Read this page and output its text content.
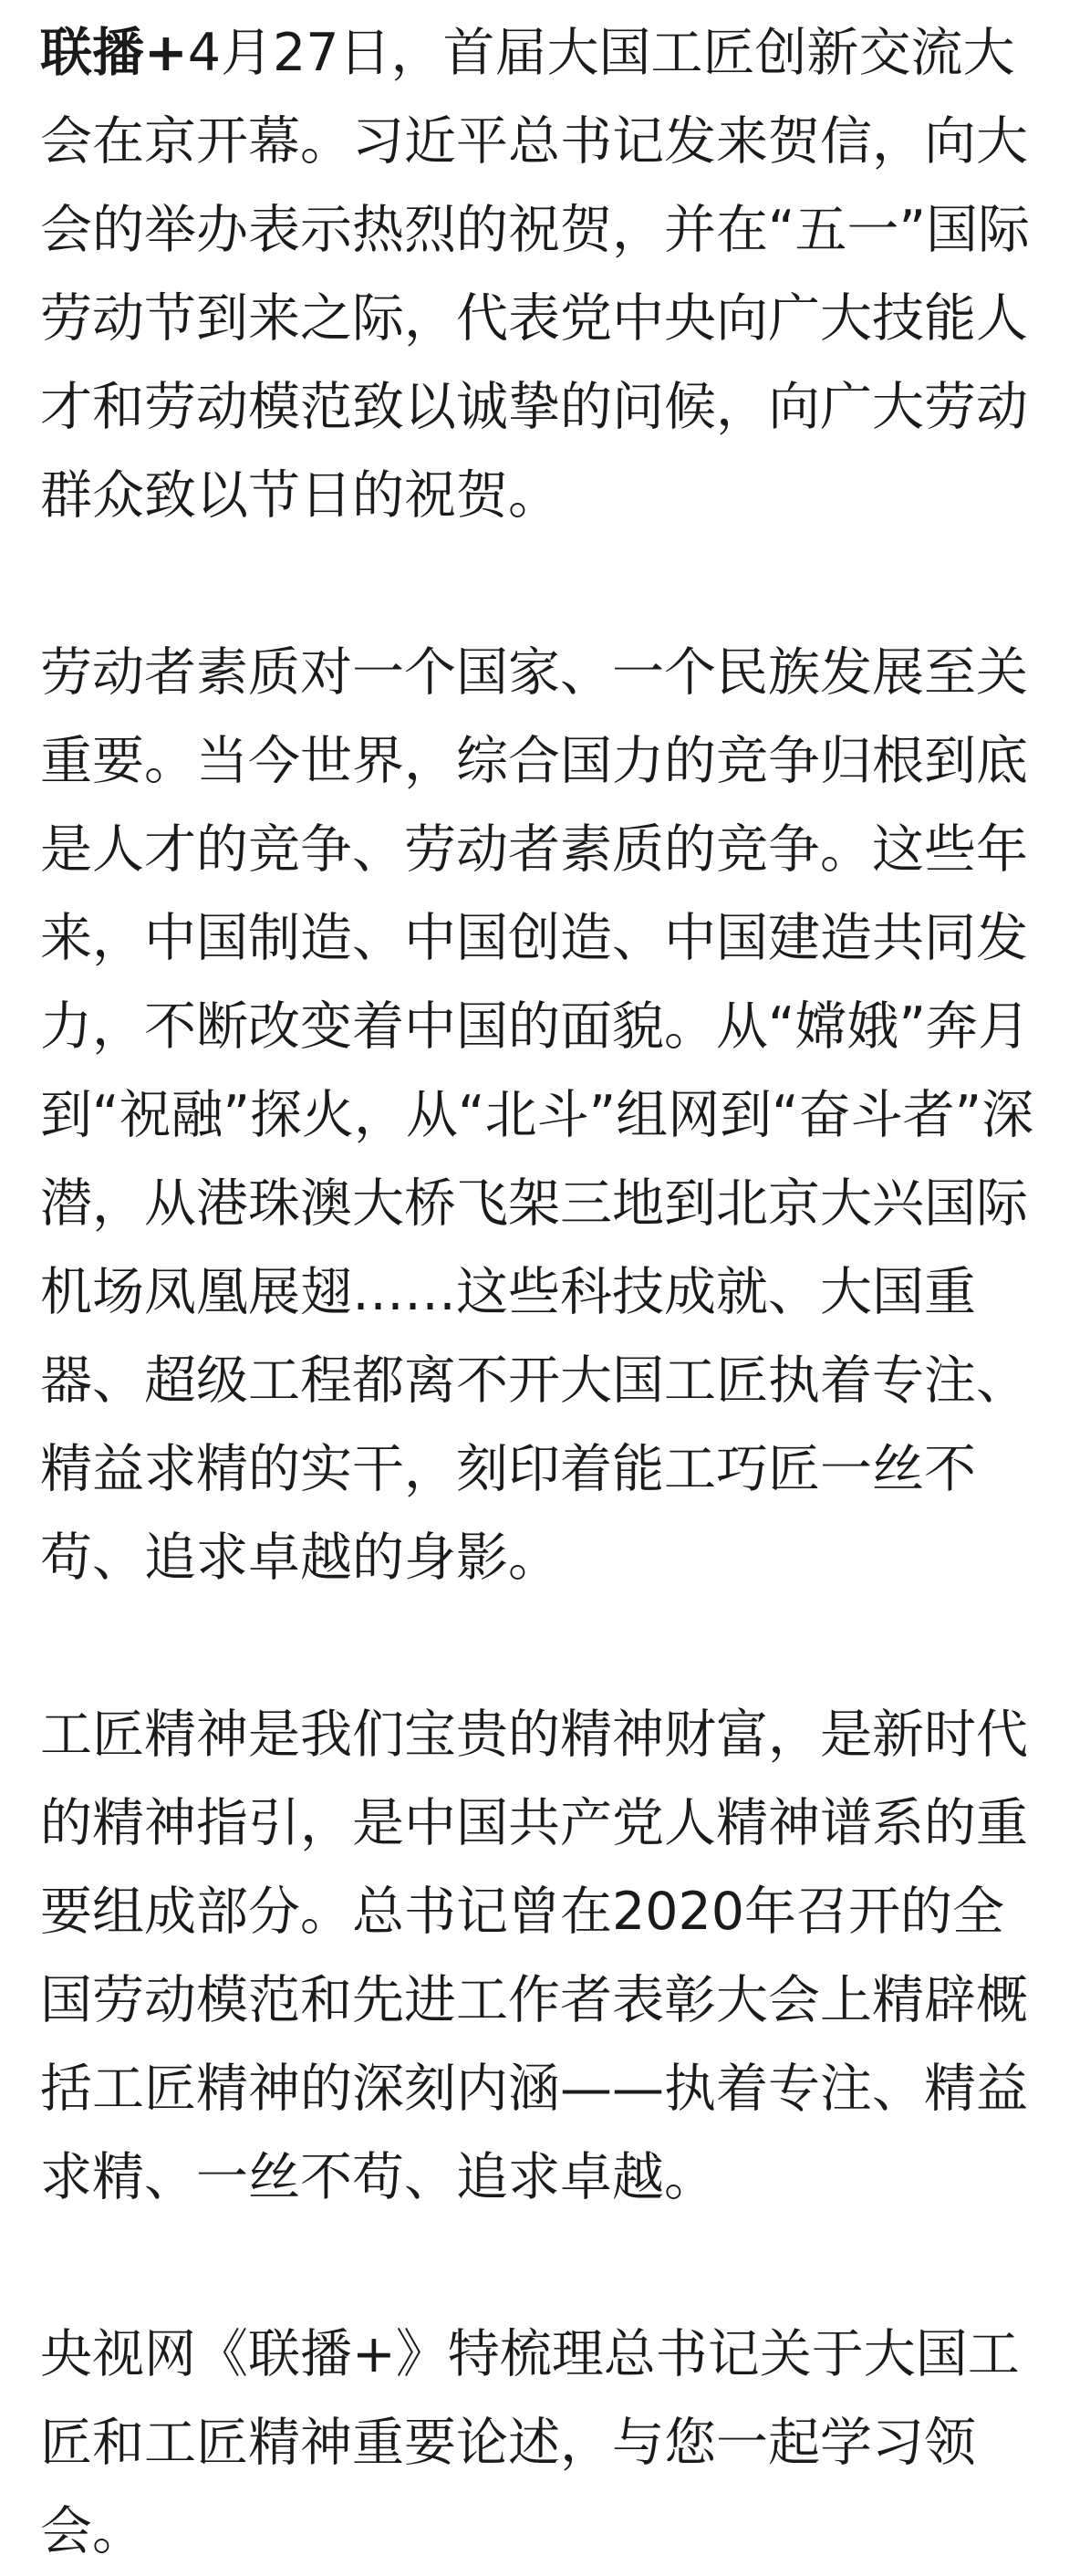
联播+4月27日，首届大国工匠创新交流大会在京开幕。习近平总书记发来贺信，向大会的举办表示热烈的祝贺，并在“五一”国际劳动节到来之际，代表党中央向广大技能人才和劳动模范致以诚挚的问候，向广大劳动群众致以节日的祝贺。

劳动者素质对一个国家、一个民族发展至关重要。当今世界，综合国力的竞争归根到底是人才的竞争、劳动者素质的竞争。这些年来，中国制造、中国创造、中国建造共同发力，不断改变着中国的面貌。从“嫦娥”奔月到“祝融”探火，从“北斗”组网到“奋斗者”深潜，从港珠澳大桥飞架三地到北京大兴国际机场凤凰展翅……这些科技成就、大国重器、超级工程都离不开大国工匠执着专注、精益求精的实干，刻印着能工巧匠一丝不苟、追求卓越的身影。

工匠精神是我们宝贵的精神财富，是新时代的精神指引，是中国共产党人精神谱系的重要组成部分。总书记曾在2020年召开的全国劳动模范和先进工作者表彰大会上精辟概括工匠精神的深刻内涵——执着专注、精益求精、一丝不苟、追求卓越。

央视网《联播+》特梳理总书记关于大国工匠和工匠精神重要论述，与您一起学习领会。
